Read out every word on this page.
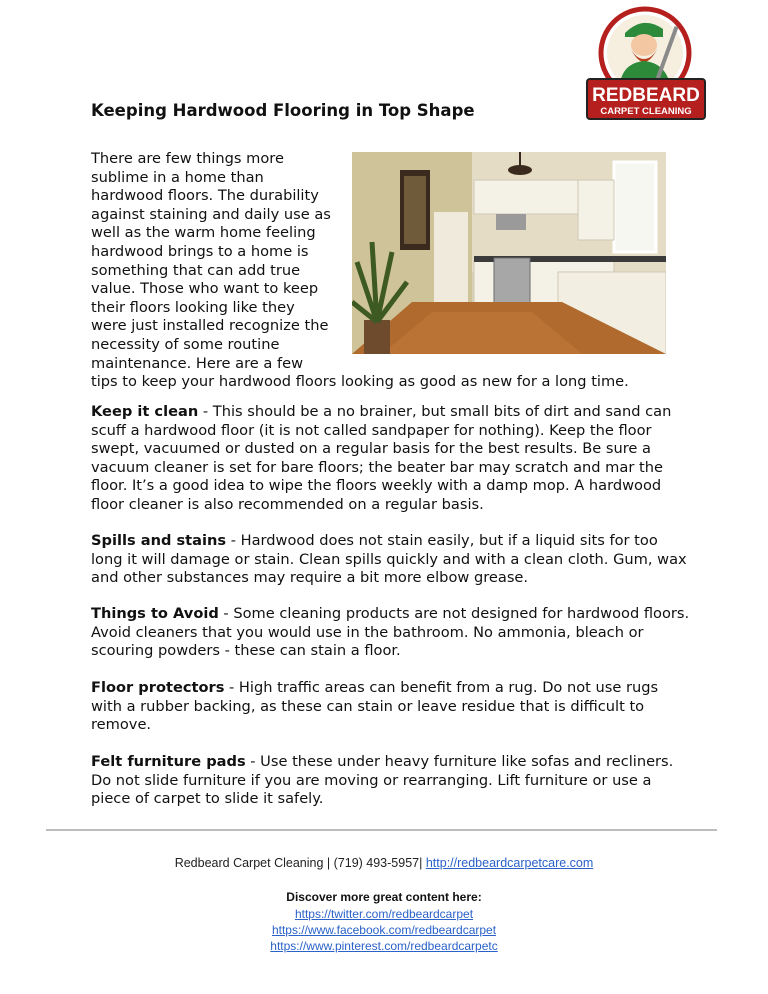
REDBEARD
CARPET CLEANING
Keeping Hardwood Flooring in Top Shape
There are few things more
sublime in a home than
hardwood floors. The durability
against staining and daily use as
well as the warm home feeling
hardwood brings to a home is
something that can add true
value. Those who want to keep
their floors looking like they
were just installed recognize the
necessity of some routine
maintenance. Here are a few
tips to keep your hardwood floors looking as good as new for a long time.

Keep it clean - This should be a no brainer, but small bits of dirt and sand can scuff a hardwood floor (it is not called sandpaper for nothing). Keep the floor swept, vacuumed or dusted on a regular basis for the best results. Be sure a vacuum cleaner is set for bare floors; the beater bar may scratch and mar the floor. It’s a good idea to wipe the floors weekly with a damp mop. A hardwood floor cleaner is also recommended on a regular basis.

Spills and stains - Hardwood does not stain easily, but if a liquid sits for too long it will damage or stain. Clean spills quickly and with a clean cloth. Gum, wax and other substances may require a bit more elbow grease.

Things to Avoid - Some cleaning products are not designed for hardwood floors. Avoid cleaners that you would use in the bathroom. No ammonia, bleach or scouring powders - these can stain a floor.

Floor protectors - High traffic areas can benefit from a rug. Do not use rugs with a rubber backing, as these can stain or leave residue that is difficult to remove.

Felt furniture pads - Use these under heavy furniture like sofas and recliners. Do not slide furniture if you are moving or rearranging. Lift furniture or use a piece of carpet to slide it safely.

Redbeard Carpet Cleaning | (719) 493-5957| http://redbeardcarpetcare.com
Discover more great content here:
https://twitter.com/redbeardcarpet
https://www.facebook.com/redbeardcarpet
https://www.pinterest.com/redbeardcarpetc
